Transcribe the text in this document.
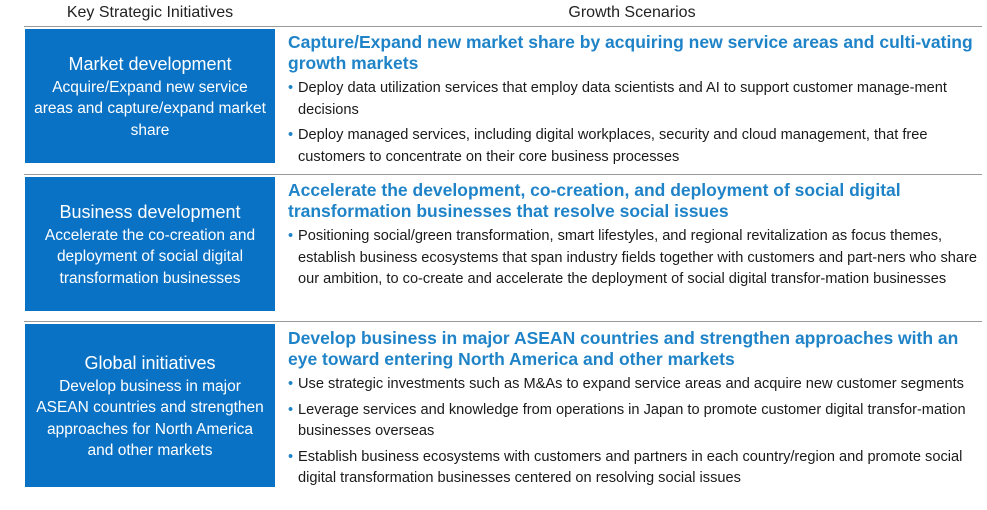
Key Strategic Initiatives	Growth Scenarios
Market development
Acquire/Expand new service areas and capture/expand market share
Capture/Expand new market share by acquiring new service areas and culti-vating growth markets
• Deploy data utilization services that employ data scientists and AI to support customer manage-ment decisions
• Deploy managed services, including digital workplaces, security and cloud management, that free customers to concentrate on their core business processes
Business development
Accelerate the co-creation and deployment of social digital transformation businesses
Accelerate the development, co-creation, and deployment of social digital transformation businesses that resolve social issues
• Positioning social/green transformation, smart lifestyles, and regional revitalization as focus themes, establish business ecosystems that span industry fields together with customers and part-ners who share our ambition, to co-create and accelerate the deployment of social digital transfor-mation businesses
Global initiatives
Develop business in major ASEAN countries and strengthen approaches for North America and other markets
Develop business in major ASEAN countries and strengthen approaches with an eye toward entering North America and other markets
• Use strategic investments such as M&As to expand service areas and acquire new customer segments
• Leverage services and knowledge from operations in Japan to promote customer digital transfor-mation businesses overseas
• Establish business ecosystems with customers and partners in each country/region and promote social digital transformation businesses centered on resolving social issues
